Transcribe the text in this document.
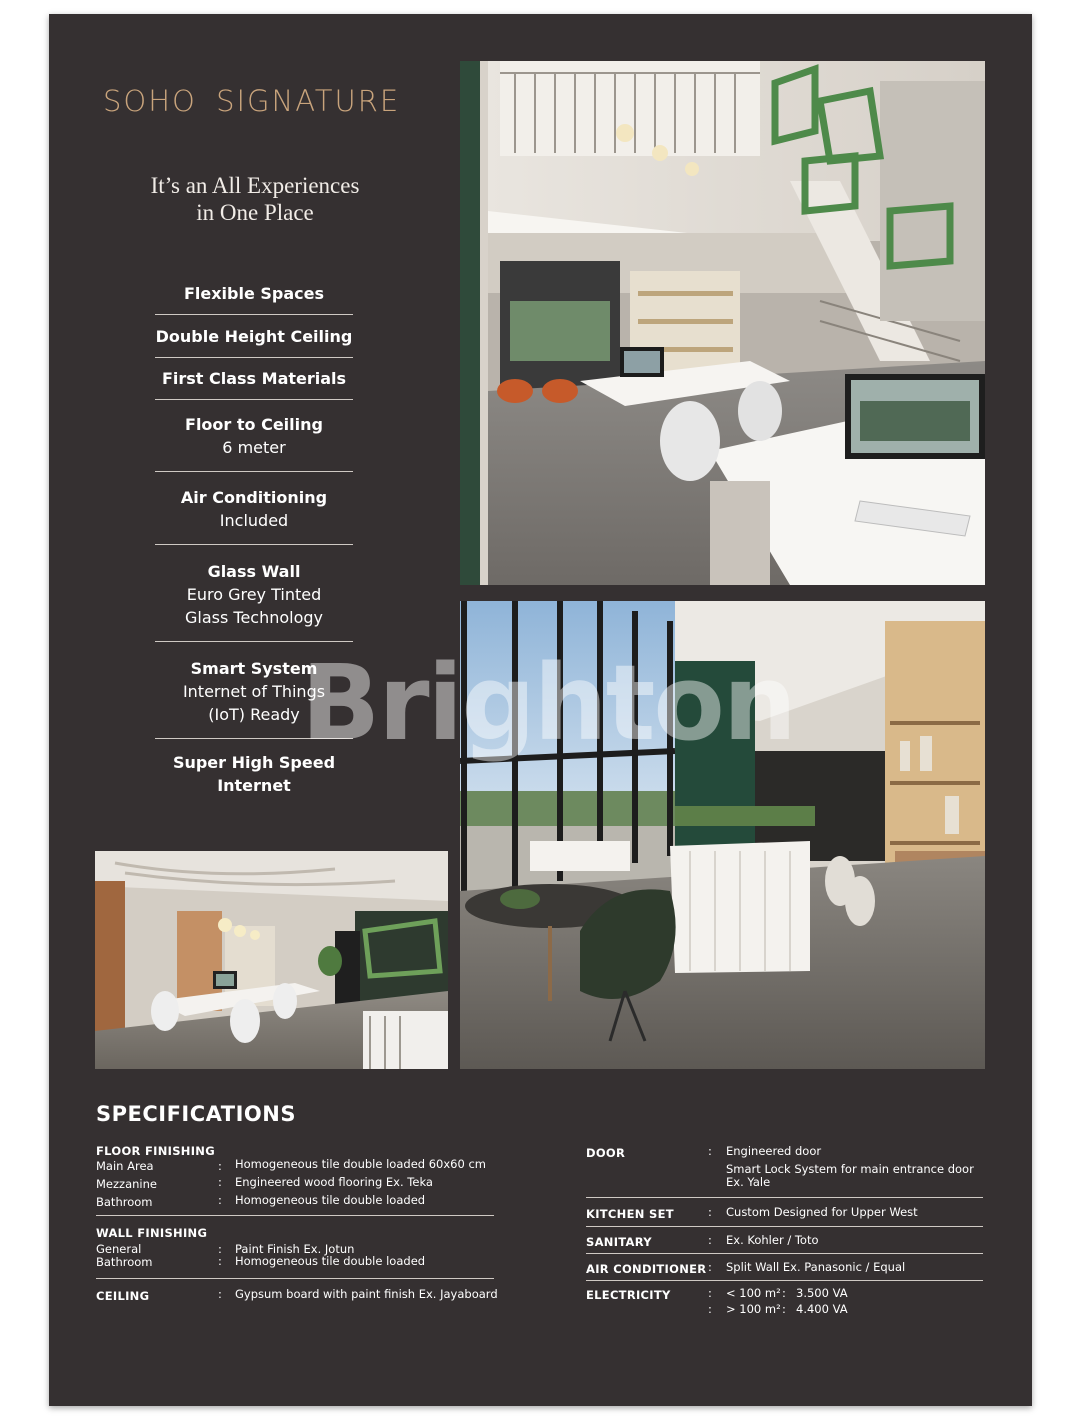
SOHO SIGNATURE
It’s an All Experiences
in One Place
Flexible Spaces
Double Height Ceiling
First Class Materials
Floor to Ceiling
6 meter
Air Conditioning
Included
Glass Wall
Euro Grey Tinted
Glass Technology
Smart System
Internet of Things
(IoT) Ready
Super High Speed
Internet
Brighton
SPECIFICATIONS
FLOOR FINISHING
Main Area	: Homogeneous tile double loaded 60x60 cm
Mezzanine	: Engineered wood flooring Ex. Teka
Bathroom	: Homogeneous tile double loaded
WALL FINISHING
General	: Paint Finish Ex. Jotun
Bathroom	: Homogeneous tile double loaded
CEILING	: Gypsum board with paint finish Ex. Jayaboard
DOOR	: Engineered door
Smart Lock System for main entrance door
Ex. Yale
KITCHEN SET	: Custom Designed for Upper West
SANITARY	: Ex. Kohler / Toto
AIR CONDITIONER : Split Wall Ex. Panasonic / Equal
ELECTRICITY	: < 100 m² : 3.500 VA
: > 100 m² : 4.400 VA
